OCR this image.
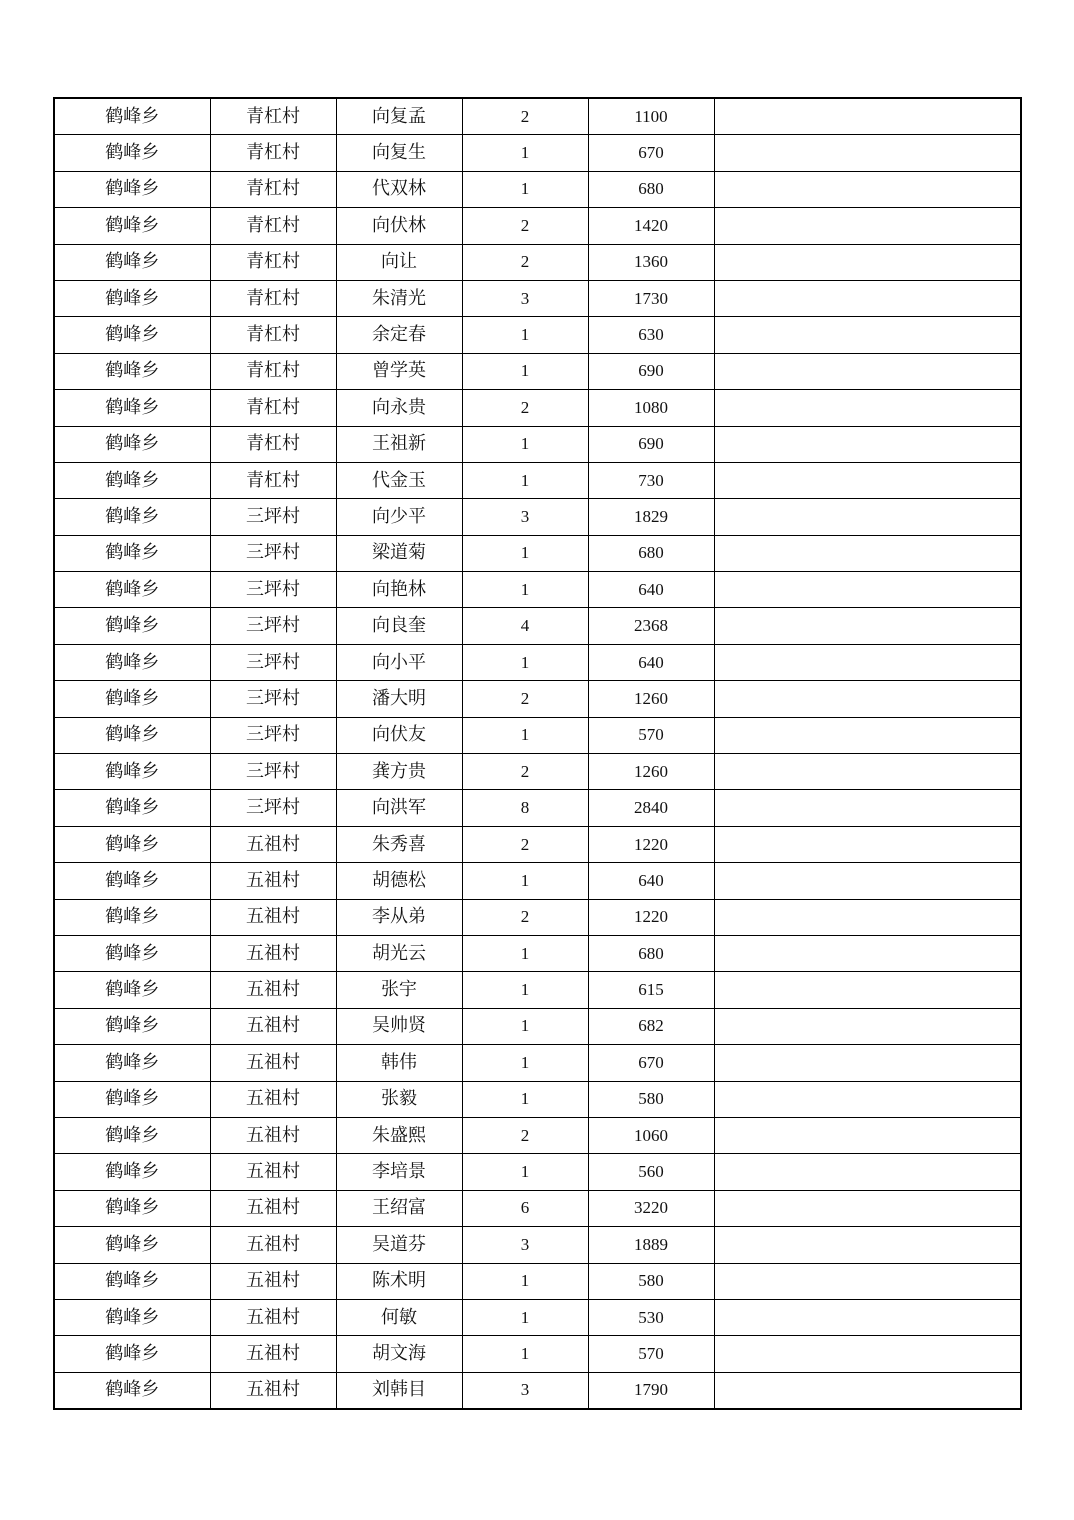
鹤峰乡	青杠村	向复孟	2	1100	
鹤峰乡	青杠村	向复生	1	670	
鹤峰乡	青杠村	代双林	1	680	
鹤峰乡	青杠村	向伏林	2	1420	
鹤峰乡	青杠村	向让	2	1360	
鹤峰乡	青杠村	朱清光	3	1730	
鹤峰乡	青杠村	余定春	1	630	
鹤峰乡	青杠村	曾学英	1	690	
鹤峰乡	青杠村	向永贵	2	1080	
鹤峰乡	青杠村	王祖新	1	690	
鹤峰乡	青杠村	代金玉	1	730	
鹤峰乡	三坪村	向少平	3	1829	
鹤峰乡	三坪村	梁道菊	1	680	
鹤峰乡	三坪村	向艳林	1	640	
鹤峰乡	三坪村	向良奎	4	2368	
鹤峰乡	三坪村	向小平	1	640	
鹤峰乡	三坪村	潘大明	2	1260	
鹤峰乡	三坪村	向伏友	1	570	
鹤峰乡	三坪村	龚方贵	2	1260	
鹤峰乡	三坪村	向洪军	8	2840	
鹤峰乡	五祖村	朱秀喜	2	1220	
鹤峰乡	五祖村	胡德松	1	640	
鹤峰乡	五祖村	李从弟	2	1220	
鹤峰乡	五祖村	胡光云	1	680	
鹤峰乡	五祖村	张宇	1	615	
鹤峰乡	五祖村	吴帅贤	1	682	
鹤峰乡	五祖村	韩伟	1	670	
鹤峰乡	五祖村	张毅	1	580	
鹤峰乡	五祖村	朱盛熙	2	1060	
鹤峰乡	五祖村	李培景	1	560	
鹤峰乡	五祖村	王绍富	6	3220	
鹤峰乡	五祖村	吴道芬	3	1889	
鹤峰乡	五祖村	陈术明	1	580	
鹤峰乡	五祖村	何敏	1	530	
鹤峰乡	五祖村	胡文海	1	570	
鹤峰乡	五祖村	刘韩目	3	1790	
